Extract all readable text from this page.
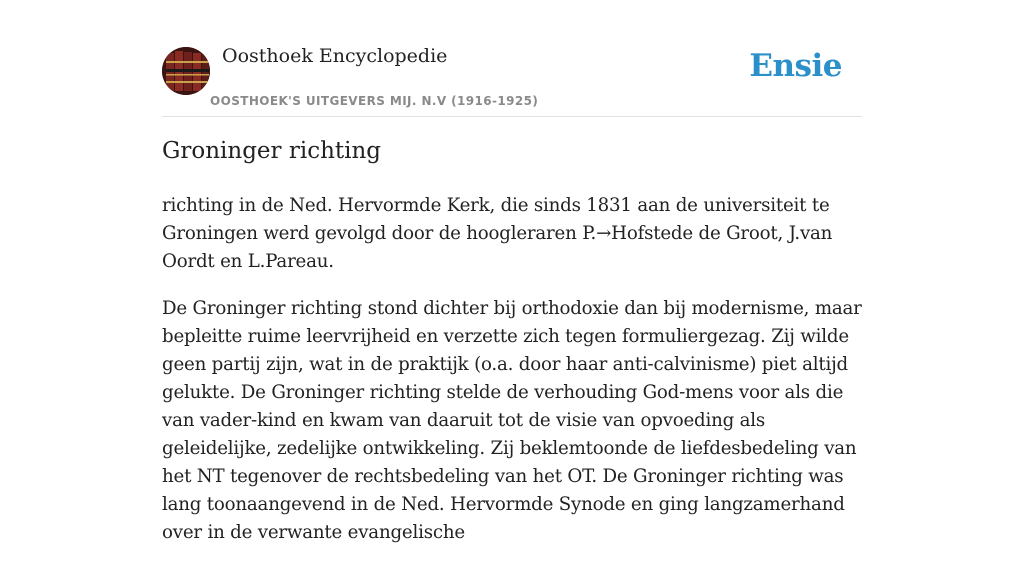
Oosthoek Encyclopedie
OOSTHOEK'S UITGEVERS MIJ. N.V (1916-1925)
Ensie
Groninger richting

richting in de Ned. Hervormde Kerk, die sinds 1831 aan de universiteit te Groningen werd gevolgd door de hoogleraren P.→Hofstede de Groot, J.van Oordt en L.Pareau.

De Groninger richting stond dichter bij orthodoxie dan bij modernisme, maar bepleitte ruime leervrijheid en verzette zich tegen formuliergezag. Zij wilde geen partij zijn, wat in de praktijk (o.a. door haar anti-calvinisme) piet altijd gelukte. De Groninger richting stelde de verhouding God-mens voor als die van vader-kind en kwam van daaruit tot de visie van opvoeding als geleidelijke, zedelijke ontwikkeling. Zij beklemtoonde de liefdesbedeling van het NT tegenover de rechtsbedeling van het OT. De Groninger richting was lang toonaangevend in de Ned. Hervormde Synode en ging langzamerhand over in de verwante evangelische
